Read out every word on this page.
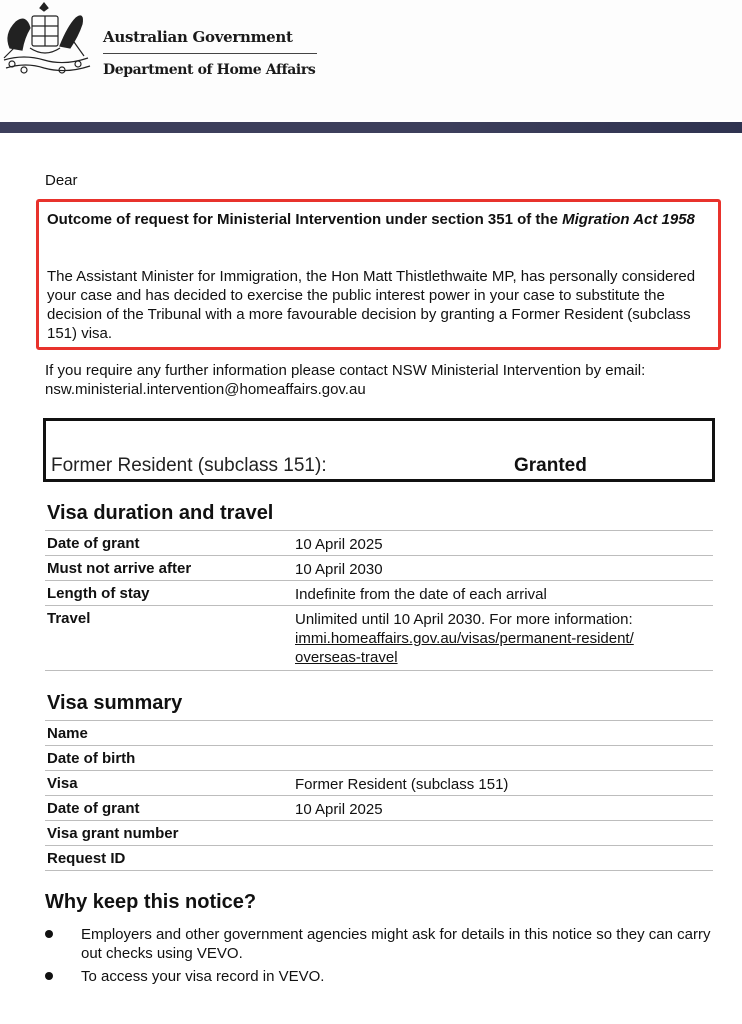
Australian Government
Department of Home Affairs
Dear
Outcome of request for Ministerial Intervention under section 351 of the Migration Act 1958
The Assistant Minister for Immigration, the Hon Matt Thistlethwaite MP, has personally considered your case and has decided to exercise the public interest power in your case to substitute the decision of the Tribunal with a more favourable decision by granting a Former Resident (subclass 151) visa.
If you require any further information please contact NSW Ministerial Intervention by email: nsw.ministerial.intervention@homeaffairs.gov.au
Former Resident (subclass 151):	Granted
Visa duration and travel
Date of grant	10 April 2025
Must not arrive after	10 April 2030
Length of stay	Indefinite from the date of each arrival
Travel	Unlimited until 10 April 2030. For more information:
immi.homeaffairs.gov.au/visas/permanent-resident/
overseas-travel
Visa summary
Name
Date of birth
Visa	Former Resident (subclass 151)
Date of grant	10 April 2025
Visa grant number
Request ID
Why keep this notice?
Employers and other government agencies might ask for details in this notice so they can carry out checks using VEVO.
To access your visa record in VEVO.
